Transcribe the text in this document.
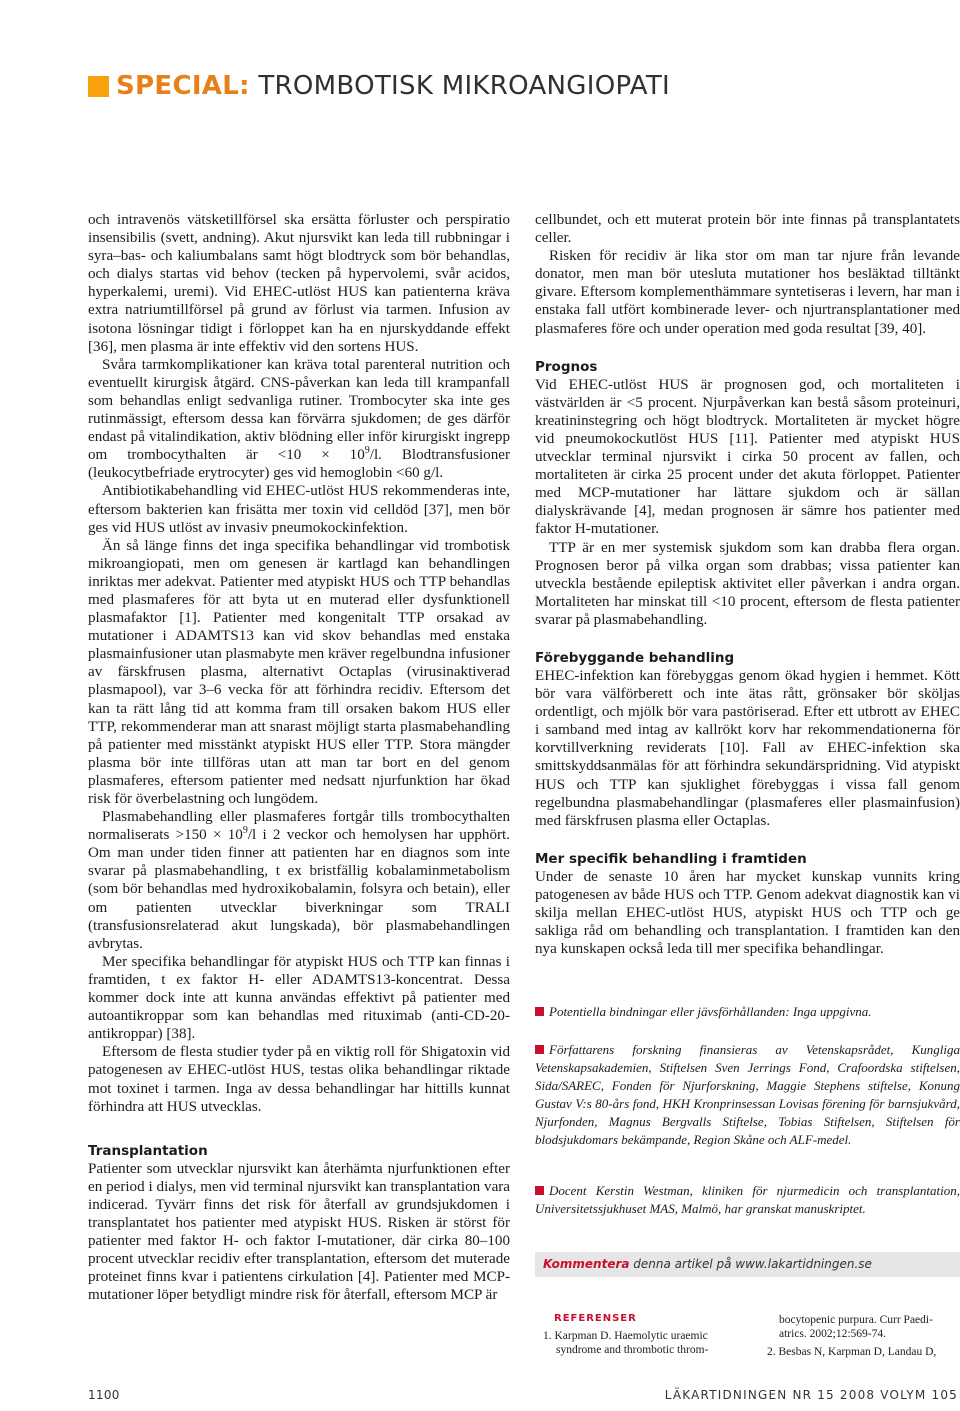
SPECIAL: TROMBOTISK MIKROANGIOPATI

och intravenös vätsketillförsel ska ersätta förluster och perspiratio insensibilis (svett, andning). Akut njursvikt kan leda till rubbningar i syra–bas- och kaliumbalans samt högt blodtryck som bör behandlas, och dialys startas vid behov (tecken på hypervolemi, svår acidos, hyperkalemi, uremi). Vid EHEC-utlöst HUS kan patienterna kräva extra natriumtillförsel på grund av förlust via tarmen. Infusion av isotona lösningar tidigt i förloppet kan ha en njurskyddande effekt [36], men plasma är inte effektiv vid den sortens HUS.

Svåra tarmkomplikationer kan kräva total parenteral nutrition och eventuellt kirurgisk åtgärd. CNS-påverkan kan leda till krampanfall som behandlas enligt sedvanliga rutiner. Trombocyter ska inte ges rutinmässigt, eftersom dessa kan förvärra sjukdomen; de ges därför endast på vitalindikation, aktiv blödning eller inför kirurgiskt ingrepp om trombocythalten är $<10 \times 10^9/l$. Blodtransfusioner (leukocytbefriade erytrocyter) ges vid hemoglobin <60 g/l.

Antibiotikabehandling vid EHEC-utlöst HUS rekommenderas inte, eftersom bakterien kan frisätta mer toxin vid celldöd [37], men bör ges vid HUS utlöst av invasiv pneumokockinfektion.

Än så länge finns det inga specifika behandlingar vid trombotisk mikroangiopati, men om genesen är kartlagd kan behandlingen inriktas mer adekvat. Patienter med atypiskt HUS och TTP behandlas med plasmaferes för att byta ut en muterad eller dysfunktionell plasmafaktor [1]. Patienter med kongenitalt TTP orsakad av mutationer i ADAMTS13 kan vid skov behandlas med enstaka plasmainfusioner utan plasmabyte men kräver regelbundna infusioner av färskfrusen plasma, alternativt Octaplas (virusinaktiverad plasmapool), var 3–6 vecka för att förhindra recidiv. Eftersom det kan ta rätt lång tid att komma fram till orsaken bakom HUS eller TTP, rekommenderar man att snarast möjligt starta plasmabehandling på patienter med misstänkt atypiskt HUS eller TTP. Stora mängder plasma bör inte tillföras utan att man tar bort en del genom plasmaferes, eftersom patienter med nedsatt njurfunktion har ökad risk för överbelastning och lungödem.

Plasmabehandling eller plasmaferes fortgår tills trombocythalten normaliserats $>150 \times 10^9/l$ i 2 veckor och hemolysen har upphört. Om man under tiden finner att patienten har en diagnos som inte svarar på plasmabehandling, t ex bristfällig kobalaminmetabolism (som bör behandlas med hydroxikobalamin, folsyra och betain), eller om patienten utvecklar biverkningar som TRALI (transfusionsrelaterad akut lungskada), bör plasmabehandlingen avbrytas.

Mer specifika behandlingar för atypiskt HUS och TTP kan finnas i framtiden, t ex faktor H- eller ADAMTS13-koncentrat. Dessa kommer dock inte att kunna användas effektivt på patienter med autoantikroppar som kan behandlas med rituximab (anti-CD-20-antikroppar) [38].

Eftersom de flesta studier tyder på en viktig roll för Shigatoxin vid patogenesen av EHEC-utlöst HUS, testas olika behandlingar riktade mot toxinet i tarmen. Inga av dessa behandlingar har hittills kunnat förhindra att HUS utvecklas.

Transplantation

Patienter som utvecklar njursvikt kan återhämta njurfunktionen efter en period i dialys, men vid terminal njursvikt kan transplantation vara indicerad. Tyvärr finns det risk för återfall av grundsjukdomen i transplantatet hos patienter med atypiskt HUS. Risken är störst för patienter med faktor H- och faktor I-mutationer, där cirka 80–100 procent utvecklar recidiv efter transplantation, eftersom det muterade proteinet finns kvar i patientens cirkulation [4]. Patienter med MCP-mutationer löper betydligt mindre risk för återfall, eftersom MCP är

cellbundet, och ett muterat protein bör inte finnas på transplantatets celler.

Risken för recidiv är lika stor om man tar njure från levande donator, men man bör utesluta mutationer hos besläktad tilltänkt givare. Eftersom komplementhämmare syntetiseras i levern, har man i enstaka fall utfört kombinerade lever- och njurtransplantationer med plasmaferes före och under operation med goda resultat [39, 40].

Prognos

Vid EHEC-utlöst HUS är prognosen god, och mortaliteten i västvärlden är <5 procent. Njurpåverkan kan bestå såsom proteinuri, kreatininstegring och högt blodtryck. Mortaliteten är mycket högre vid pneumokockutlöst HUS [11]. Patienter med atypiskt HUS utvecklar terminal njursvikt i cirka 50 procent av fallen, och mortaliteten är cirka 25 procent under det akuta förloppet. Patienter med MCP-mutationer har lättare sjukdom och är sällan dialyskrävande [4], medan prognosen är sämre hos patienter med faktor H-mutationer.

TTP är en mer systemisk sjukdom som kan drabba flera organ. Prognosen beror på vilka organ som drabbas; vissa patienter kan utveckla bestående epileptisk aktivitet eller påverkan i andra organ. Mortaliteten har minskat till <10 procent, eftersom de flesta patienter svarar på plasmabehandling.

Förebyggande behandling

EHEC-infektion kan förebyggas genom ökad hygien i hemmet. Kött bör vara välförberett och inte ätas rått, grönsaker bör sköljas ordentligt, och mjölk bör vara pastöriserad. Efter ett utbrott av EHEC i samband med intag av kallrökt korv har rekommendationerna för korvtillverkning reviderats [10]. Fall av EHEC-infektion ska smittskyddsanmälas för att förhindra sekundärspridning. Vid atypiskt HUS och TTP kan sjuklighet förebyggas i vissa fall genom regelbundna plasmabehandlingar (plasmaferes eller plasmainfusion) med färskfrusen plasma eller Octaplas.

Mer specifik behandling i framtiden

Under de senaste 10 åren har mycket kunskap vunnits kring patogenesen av både HUS och TTP. Genom adekvat diagnostik kan vi skilja mellan EHEC-utlöst HUS, atypiskt HUS och TTP och ge sakliga råd om behandling och transplantation. I framtiden kan den nya kunskapen också leda till mer specifika behandlingar.

Potentiella bindningar eller jävsförhållanden: Inga uppgivna.
Författarens forskning finansieras av Vetenskapsrådet, Kungliga Vetenskapsakademien, Stiftelsen Sven Jerrings Fond, Crafoordska stiftelsen, Sida/SAREC, Fonden för Njurforskning, Maggie Stephens stiftelse, Konung Gustav V:s 80-års fond, HKH Kronprinsessan Lovisas förening för barnsjukvård, Njurfonden, Magnus Bergvalls Stiftelse, Tobias Stiftelsen, Stiftelsen för blodsjukdomars bekämpande, Region Skåne och ALF-medel.
Docent Kerstin Westman, kliniken för njurmedicin och transplantation, Universitetssjukhuset MAS, Malmö, har granskat manuskriptet.
Kommentera denna artikel på www.lakartidningen.se
REFERENSER
1. Karpman D. Haemolytic uraemic
syndrome and thrombotic throm-
bocytopenic purpura. Curr Paedi-
atrics. 2002;12:569-74.
2. Besbas N, Karpman D, Landau D,
1100	LÄKARTIDNINGEN NR 15 2008 VOLYM 105
